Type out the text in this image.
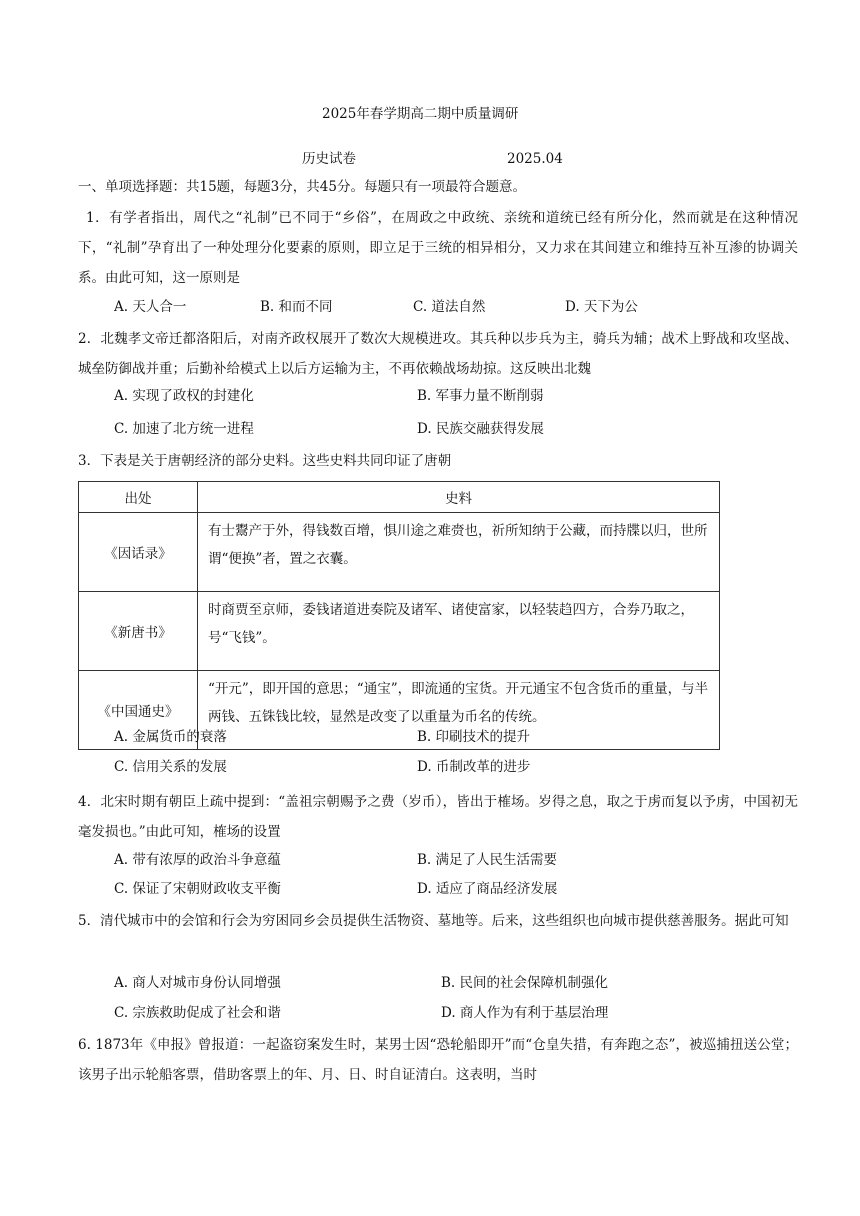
2025年春学期高二期中质量调研
历史试卷	2025.04
一、单项选择题：共15题，每题3分，共45分。每题只有一项最符合题意。
1．有学者指出，周代之“礼制”已不同于“乡俗”，在周政之中政统、亲统和道统已经有所分化，然而就是在这种情况下，“礼制”孕育出了一种处理分化要素的原则，即立足于三统的相异相分，又力求在其间建立和维持互补互渗的协调关系。由此可知，这一原则是
A. 天人合一	B. 和而不同	C. 道法自然	D. 天下为公
2．北魏孝文帝迁都洛阳后，对南齐政权展开了数次大规模进攻。其兵种以步兵为主，骑兵为辅；战术上野战和攻坚战、城垒防御战并重；后勤补给模式上以后方运输为主，不再依赖战场劫掠。这反映出北魏
A. 实现了政权的封建化	B. 军事力量不断削弱
C. 加速了北方统一进程	D. 民族交融获得发展
3．下表是关于唐朝经济的部分史料。这些史料共同印证了唐朝
出处	史料
《因话录》	有士鬻产于外，得钱数百增，惧川途之难赍也，祈所知纳于公藏，而持牒以归，世所谓“便换”者，置之衣囊。
《新唐书》	时商贾至京师，委钱诸道进奏院及诸军、诸使富家，以轻装趋四方，合券乃取之，号“飞钱”。
《中国通史》	“开元”，即开国的意思；“通宝”，即流通的宝货。开元通宝不包含货币的重量，与半两钱、五铢钱比较，显然是改变了以重量为币名的传统。
A. 金属货币的衰落	B. 印刷技术的提升
C. 信用关系的发展	D. 币制改革的进步
4．北宋时期有朝臣上疏中提到：“盖祖宗朝赐予之费（岁币），皆出于榷场。岁得之息，取之于虏而复以予虏，中国初无毫发损也。”由此可知，榷场的设置
A. 带有浓厚的政治斗争意蕴	B. 满足了人民生活需要
C. 保证了宋朝财政收支平衡	D. 适应了商品经济发展
5．清代城市中的会馆和行会为穷困同乡会员提供生活物资、墓地等。后来，这些组织也向城市提供慈善服务。据此可知
A. 商人对城市身份认同增强	B. 民间的社会保障机制强化
C. 宗族救助促成了社会和谐	D. 商人作为有利于基层治理
6. 1873年《申报》曾报道：一起盗窃案发生时，某男士因“恐轮船即开”而“仓皇失措，有奔跑之态”，被巡捕扭送公堂；该男子出示轮船客票，借助客票上的年、月、日、时自证清白。这表明，当时
